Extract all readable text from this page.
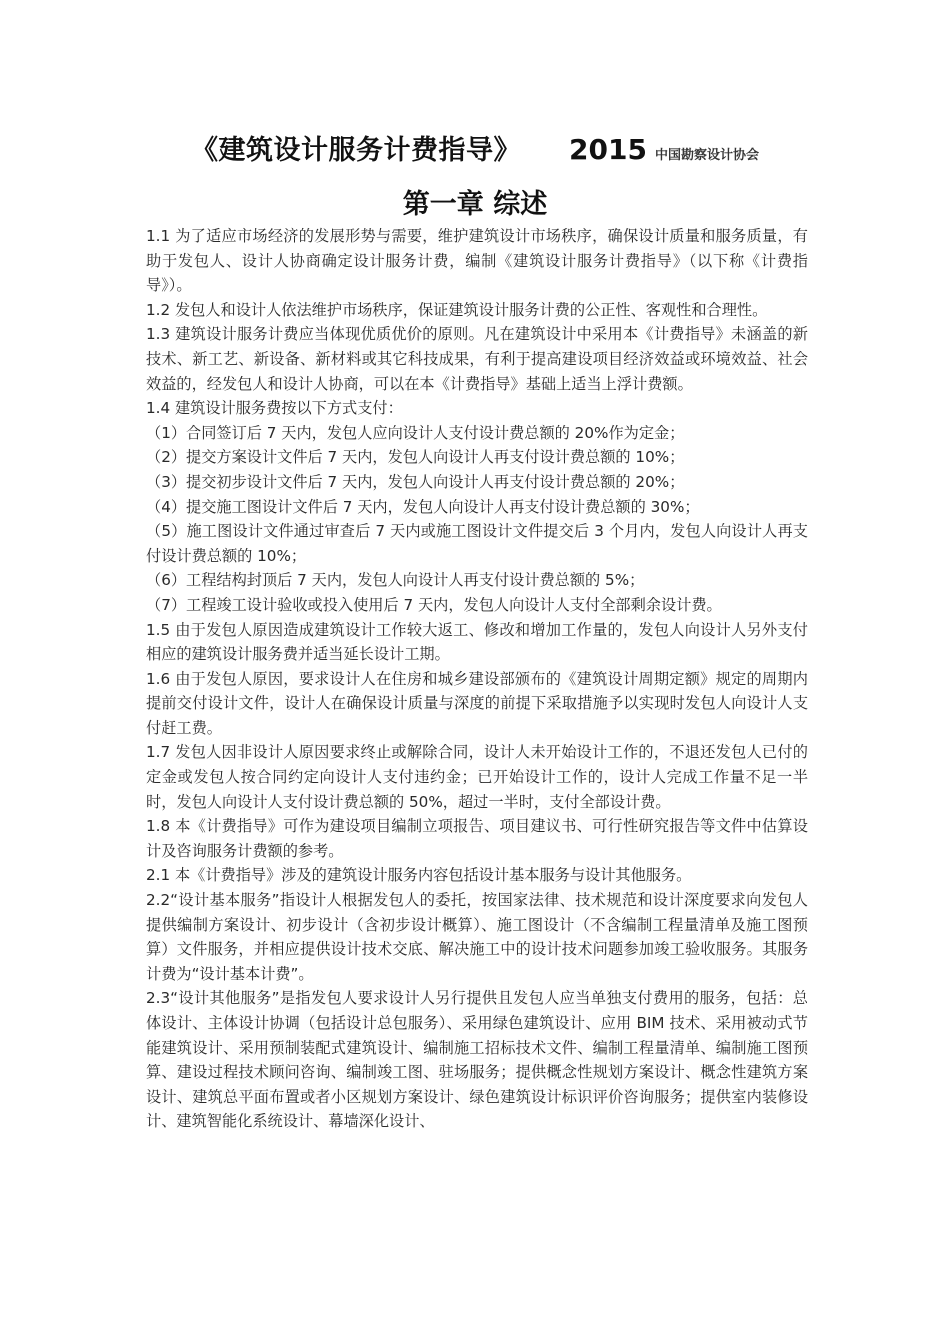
《建筑设计服务计费指导》 2015 中国勘察设计协会
第一章 综述

1.1 为了适应市场经济的发展形势与需要，维护建筑设计市场秩序，确保设计质量和服务质量，有助于发包人、设计人协商确定设计服务计费，编制《建筑设计服务计费指导》（以下称《计费指导》）。

1.2 发包人和设计人依法维护市场秩序，保证建筑设计服务计费的公正性、客观性和合理性。

1.3 建筑设计服务计费应当体现优质优价的原则。凡在建筑设计中采用本《计费指导》未涵盖的新技术、新工艺、新设备、新材料或其它科技成果，有利于提高建设项目经济效益或环境效益、社会效益的，经发包人和设计人协商，可以在本《计费指导》基础上适当上浮计费额。

1.4 建筑设计服务费按以下方式支付：

（1）合同签订后 7 天内，发包人应向设计人支付设计费总额的 20%作为定金；

（2）提交方案设计文件后 7 天内，发包人向设计人再支付设计费总额的 10%；

（3）提交初步设计文件后 7 天内，发包人向设计人再支付设计费总额的 20%；

（4）提交施工图设计文件后 7 天内，发包人向设计人再支付设计费总额的 30%；

（5）施工图设计文件通过审查后 7 天内或施工图设计文件提交后 3 个月内，发包人向设计人再支付设计费总额的 10%；

（6）工程结构封顶后 7 天内，发包人向设计人再支付设计费总额的 5%；

（7）工程竣工设计验收或投入使用后 7 天内，发包人向设计人支付全部剩余设计费。

1.5 由于发包人原因造成建筑设计工作较大返工、修改和增加工作量的，发包人向设计人另外支付相应的建筑设计服务费并适当延长设计工期。

1.6 由于发包人原因，要求设计人在住房和城乡建设部颁布的《建筑设计周期定额》规定的周期内提前交付设计文件，设计人在确保设计质量与深度的前提下采取措施予以实现时发包人向设计人支付赶工费。

1.7 发包人因非设计人原因要求终止或解除合同，设计人未开始设计工作的，不退还发包人已付的定金或发包人按合同约定向设计人支付违约金；已开始设计工作的，设计人完成工作量不足一半时，发包人向设计人支付设计费总额的 50%，超过一半时，支付全部设计费。

1.8 本《计费指导》可作为建设项目编制立项报告、项目建议书、可行性研究报告等文件中估算设计及咨询服务计费额的参考。

2.1 本《计费指导》涉及的建筑设计服务内容包括设计基本服务与设计其他服务。

2.2“设计基本服务”指设计人根据发包人的委托，按国家法律、技术规范和设计深度要求向发包人提供编制方案设计、初步设计（含初步设计概算）、施工图设计（不含编制工程量清单及施工图预算）文件服务，并相应提供设计技术交底、解决施工中的设计技术问题参加竣工验收服务。其服务计费为“设计基本计费”。

2.3“设计其他服务”是指发包人要求设计人另行提供且发包人应当单独支付费用的服务，包括：总体设计、主体设计协调（包括设计总包服务）、采用绿色建筑设计、应用 BIM 技术、采用被动式节能建筑设计、采用预制装配式建筑设计、编制施工招标技术文件、编制工程量清单、编制施工图预算、建设过程技术顾问咨询、编制竣工图、驻场服务；提供概念性规划方案设计、概念性建筑方案设计、建筑总平面布置或者小区规划方案设计、绿色建筑设计标识评价咨询服务；提供室内装修设计、建筑智能化系统设计、幕墙深化设计、
